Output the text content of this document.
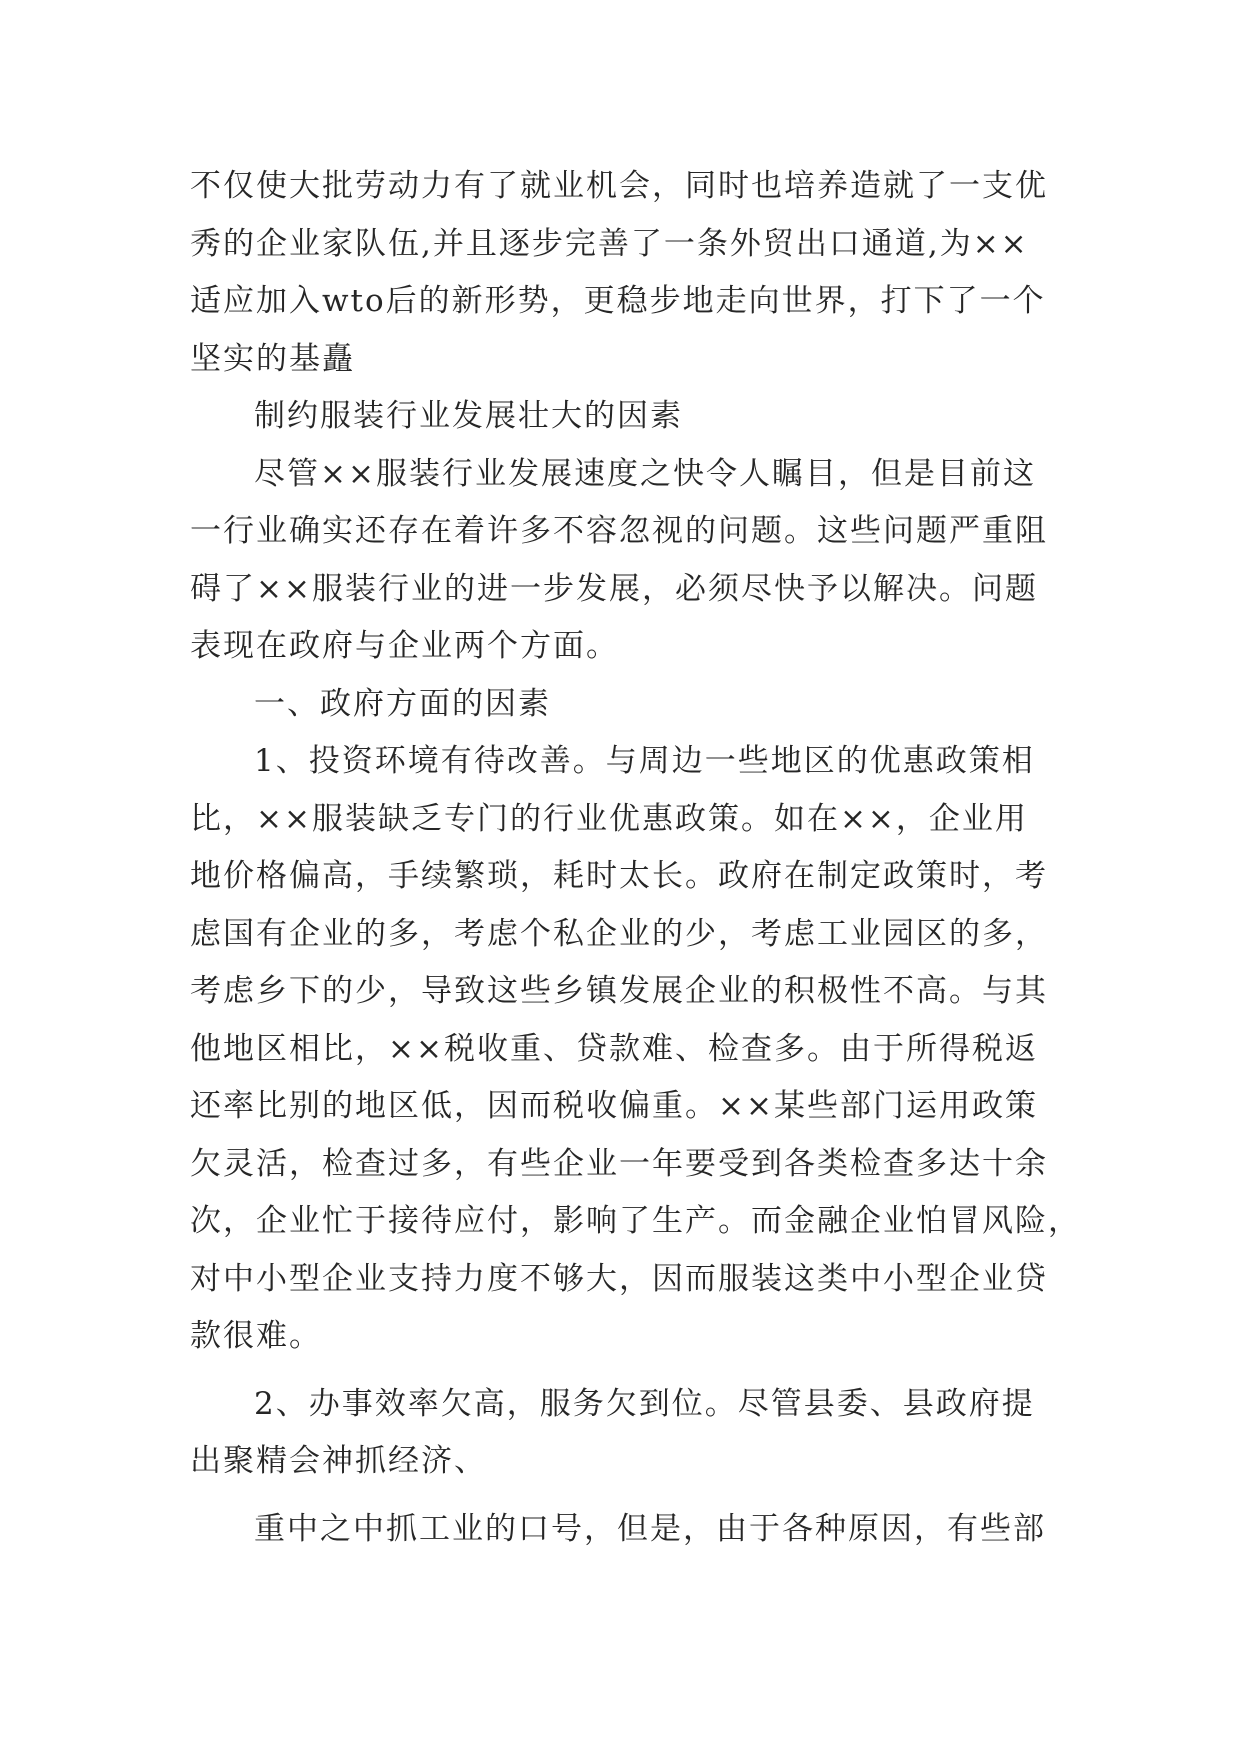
不仅使大批劳动力有了就业机会，同时也培养造就了一支优
秀的企业家队伍,并且逐步完善了一条外贸出口通道,为××
适应加入wto后的新形势，更稳步地走向世界，打下了一个
坚实的基矗
制约服装行业发展壮大的因素
尽管××服装行业发展速度之快令人瞩目，但是目前这
一行业确实还存在着许多不容忽视的问题。这些问题严重阻
碍了××服装行业的进一步发展，必须尽快予以解决。问题
表现在政府与企业两个方面。
一、政府方面的因素
1、投资环境有待改善。与周边一些地区的优惠政策相
比，××服装缺乏专门的行业优惠政策。如在××，企业用
地价格偏高，手续繁琐，耗时太长。政府在制定政策时，考
虑国有企业的多，考虑个私企业的少，考虑工业园区的多，
考虑乡下的少，导致这些乡镇发展企业的积极性不高。与其
他地区相比，××税收重、贷款难、检查多。由于所得税返
还率比别的地区低，因而税收偏重。××某些部门运用政策
欠灵活，检查过多，有些企业一年要受到各类检查多达十余
次，企业忙于接待应付，影响了生产。而金融企业怕冒风险，
对中小型企业支持力度不够大，因而服装这类中小型企业贷
款很难。
2、办事效率欠高，服务欠到位。尽管县委、县政府提
出聚精会神抓经济、
重中之中抓工业的口号，但是，由于各种原因，有些部
